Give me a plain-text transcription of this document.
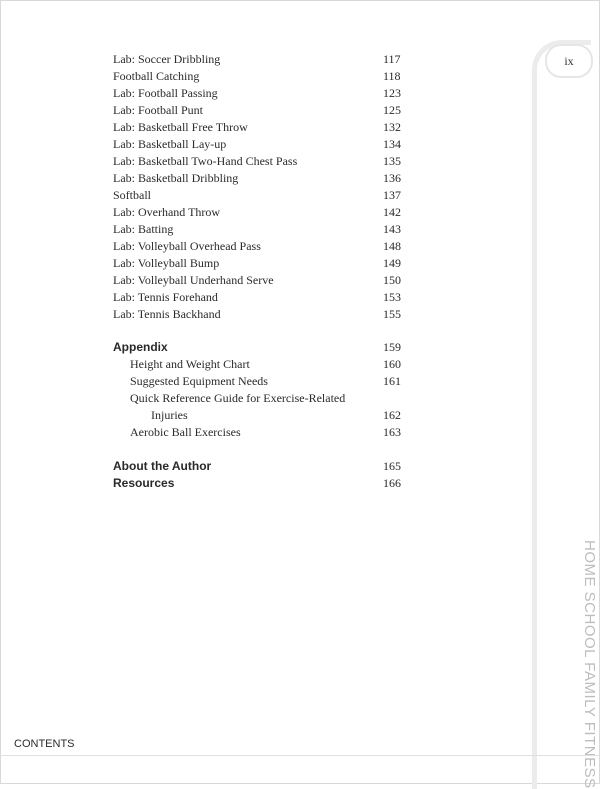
ix
HOME SCHOOL FAMILY FITNESS
Lab: Soccer Dribbling	117
Football Catching	118
Lab: Football Passing	123
Lab: Football Punt	125
Lab: Basketball Free Throw	132
Lab: Basketball Lay-up	134
Lab: Basketball Two-Hand Chest Pass	135
Lab: Basketball Dribbling	136
Softball	137
Lab: Overhand Throw	142
Lab: Batting	143
Lab: Volleyball Overhead Pass	148
Lab: Volleyball Bump	149
Lab: Volleyball Underhand Serve	150
Lab: Tennis Forehand	153
Lab: Tennis Backhand	155
Appendix	159
Height and Weight Chart	160
Suggested Equipment Needs	161
Quick Reference Guide for Exercise-Related
Injuries	162
Aerobic Ball Exercises	163
About the Author	165
Resources	166
CONTENTS
